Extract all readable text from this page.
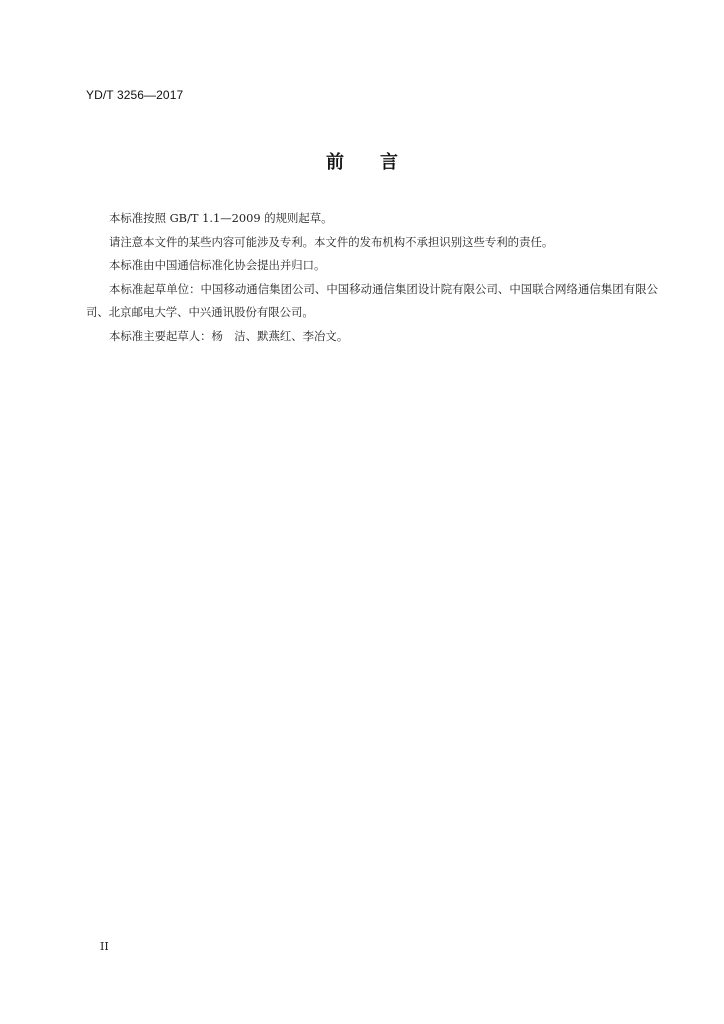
YD/T 3256—2017
前 言

本标准按照 GB/T 1.1—2009 的规则起草。

请注意本文件的某些内容可能涉及专利。本文件的发布机构不承担识别这些专利的责任。

本标准由中国通信标准化协会提出并归口。

本标准起草单位：中国移动通信集团公司、中国移动通信集团设计院有限公司、中国联合网络通信集团有限公司、北京邮电大学、中兴通讯股份有限公司。

本标准主要起草人：杨　洁、默燕红、李冶文。

II
